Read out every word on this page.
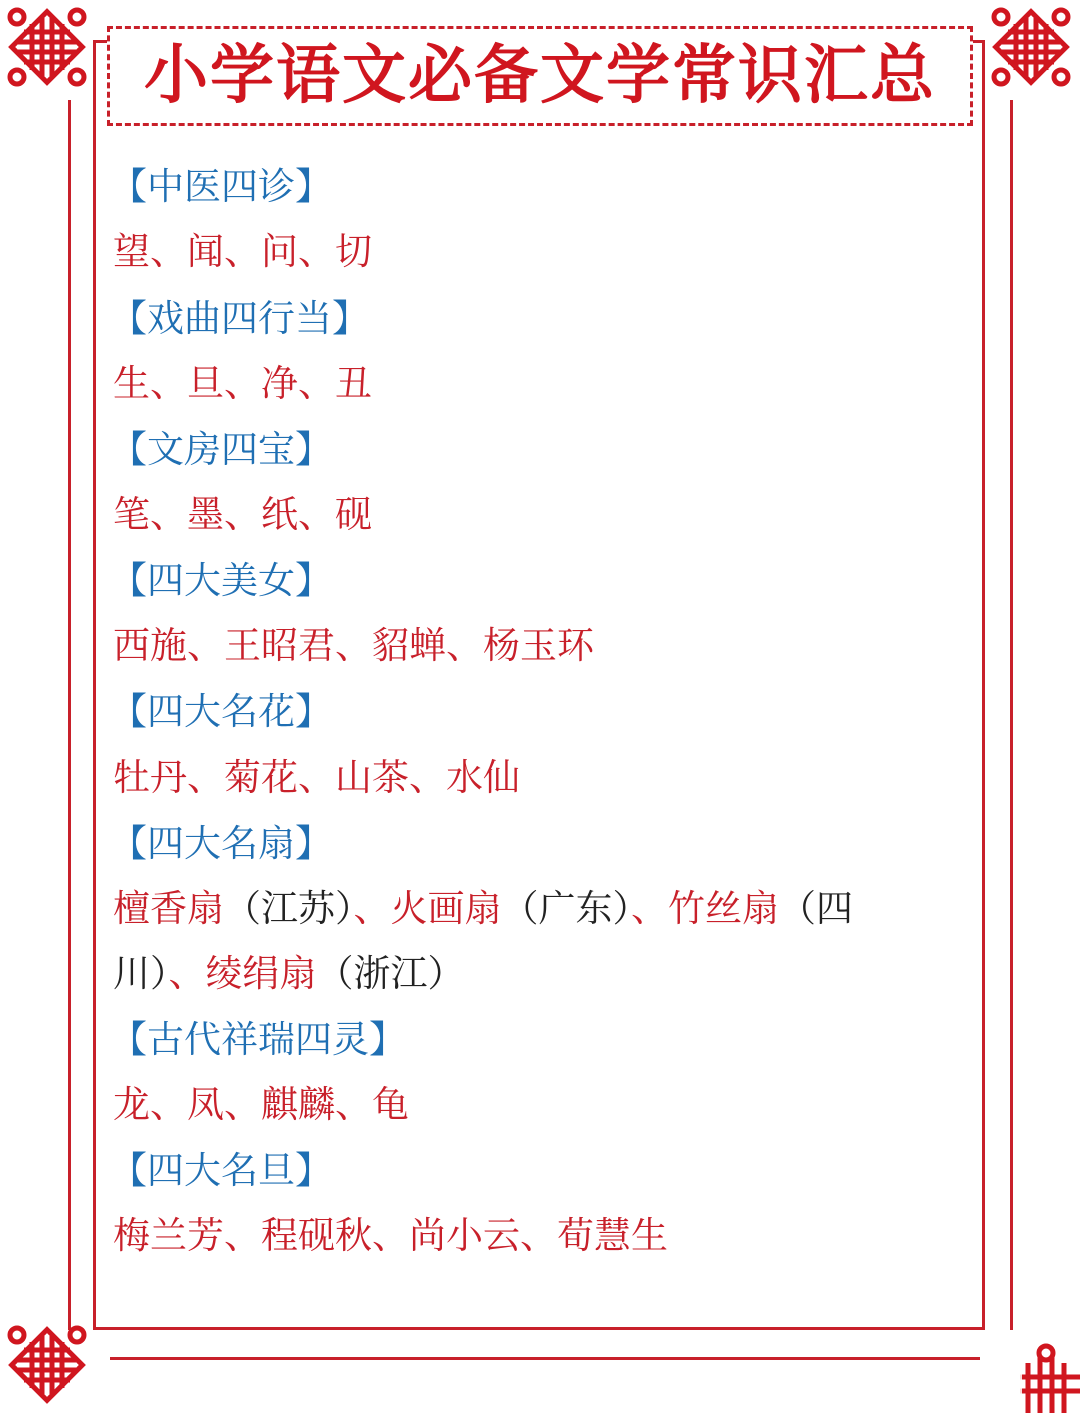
小学语文必备文学常识汇总
【中医四诊】
望、闻、问、切
【戏曲四行当】
生、旦、净、丑
【文房四宝】
笔、墨、纸、砚
【四大美女】
西施、王昭君、貂蝉、杨玉环
【四大名花】
牡丹、菊花、山茶、水仙
【四大名扇】
檀香扇（江苏）、火画扇（广东）、竹丝扇（四
川）、绫绢扇（浙江）
【古代祥瑞四灵】
龙、凤、麒麟、龟
【四大名旦】
梅兰芳、程砚秋、尚小云、荀慧生
